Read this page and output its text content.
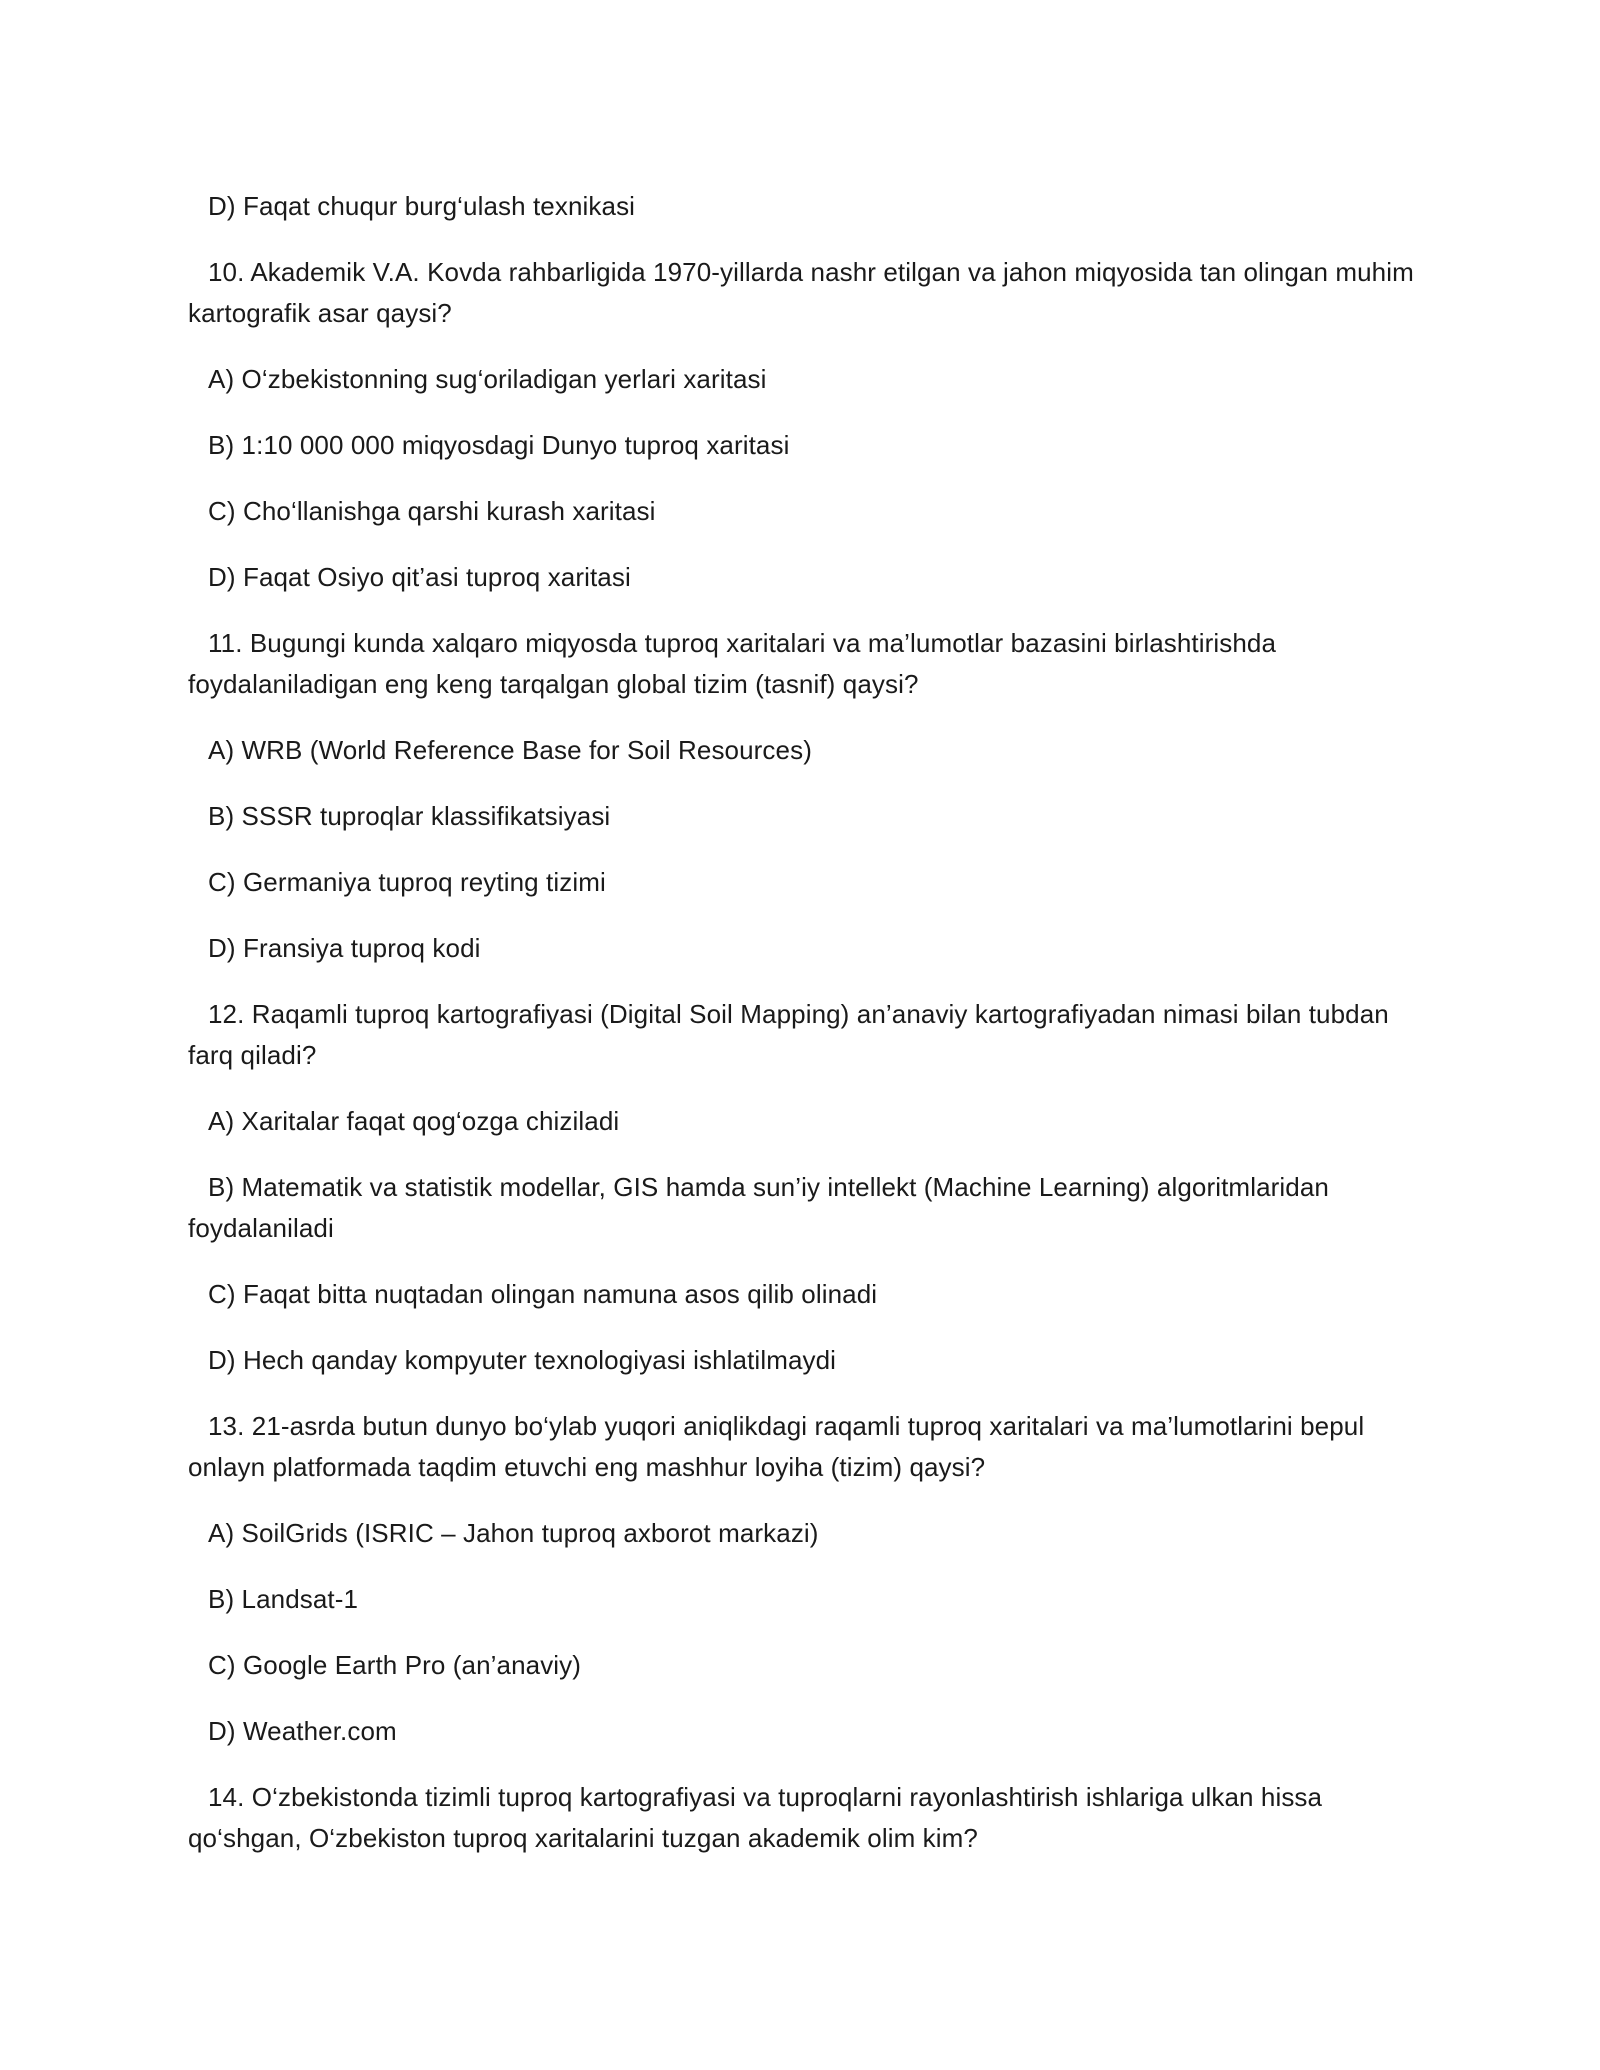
D) Faqat chuqur burg‘ulash texnikasi

10. Akademik V.A. Kovda rahbarligida 1970-yillarda nashr etilgan va jahon miqyosida tan olingan muhim kartografik asar qaysi?

A) O‘zbekistonning sug‘oriladigan yerlari xaritasi

B) 1:10 000 000 miqyosdagi Dunyo tuproq xaritasi

C) Cho‘llanishga qarshi kurash xaritasi

D) Faqat Osiyo qit’asi tuproq xaritasi

11. Bugungi kunda xalqaro miqyosda tuproq xaritalari va ma’lumotlar bazasini birlashtirishda foydalaniladigan eng keng tarqalgan global tizim (tasnif) qaysi?

A) WRB (World Reference Base for Soil Resources)

B) SSSR tuproqlar klassifikatsiyasi

C) Germaniya tuproq reyting tizimi

D) Fransiya tuproq kodi

12. Raqamli tuproq kartografiyasi (Digital Soil Mapping) an’anaviy kartografiyadan nimasi bilan tubdan farq qiladi?

A) Xaritalar faqat qog‘ozga chiziladi

B) Matematik va statistik modellar, GIS hamda sun’iy intellekt (Machine Learning) algoritmlaridan foydalaniladi

C) Faqat bitta nuqtadan olingan namuna asos qilib olinadi

D) Hech qanday kompyuter texnologiyasi ishlatilmaydi

13. 21-asrda butun dunyo bo‘ylab yuqori aniqlikdagi raqamli tuproq xaritalari va ma’lumotlarini bepul onlayn platformada taqdim etuvchi eng mashhur loyiha (tizim) qaysi?

A) SoilGrids (ISRIC – Jahon tuproq axborot markazi)

B) Landsat-1

C) Google Earth Pro (an’anaviy)

D) Weather.com

14. O‘zbekistonda tizimli tuproq kartografiyasi va tuproqlarni rayonlashtirish ishlariga ulkan hissa qo‘shgan, O‘zbekiston tuproq xaritalarini tuzgan akademik olim kim?
